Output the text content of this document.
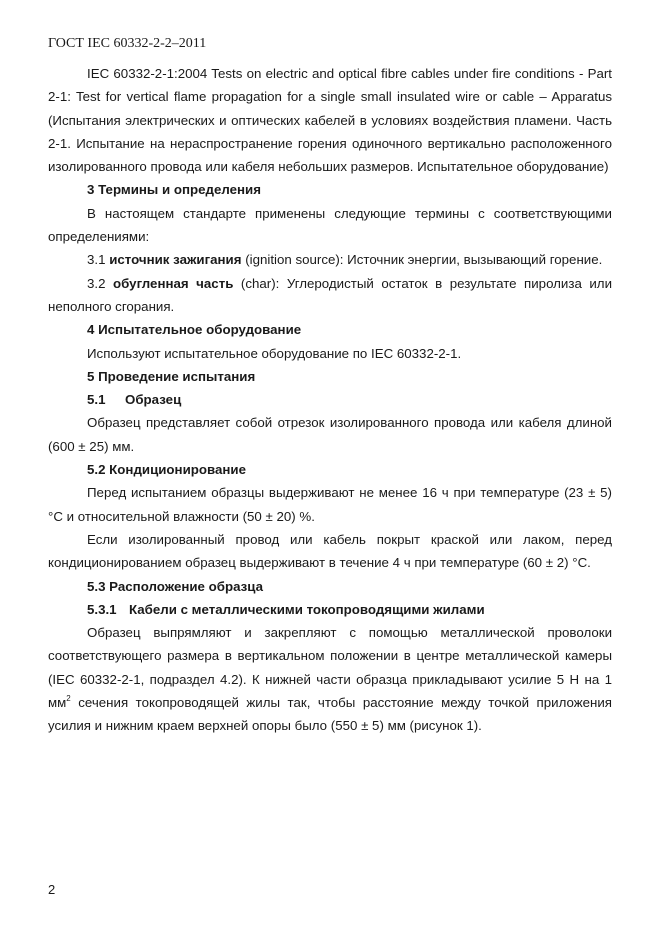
ГОСТ IEC 60332-2-2–2011

IEC 60332-2-1:2004 Tests on electric and optical fibre cables under fire conditions - Part 2-1: Test for vertical flame propagation for a single small insulated wire or cable – Apparatus (Испытания электрических и оптических кабелей в условиях воздействия пламени. Часть 2-1. Испытание на нераспространение горения одиночного вертикально расположенного изолированного провода или кабеля небольших размеров. Испытательное оборудование)

3 Термины и определения

В настоящем стандарте применены следующие термины с соответствующими определениями:

3.1 источник зажигания (ignition source): Источник энергии, вызывающий горение.

3.2 обугленная часть (char): Углеродистый остаток в результате пиролиза или неполного сгорания.

4 Испытательное оборудование

Используют испытательное оборудование по IEC 60332-2-1.

5 Проведение испытания

5.1 Образец

Образец представляет собой отрезок изолированного провода или кабеля длиной (600 ± 25) мм.

5.2 Кондиционирование

Перед испытанием образцы выдерживают не менее 16 ч при температуре (23 ± 5) °С и относительной влажности (50 ± 20) %.

Если изолированный провод или кабель покрыт краской или лаком, перед кондиционированием образец выдерживают в течение 4 ч при температуре (60 ± 2) °С.

5.3 Расположение образца

5.3.1 Кабели с металлическими токопроводящими жилами

Образец выпрямляют и закрепляют с помощью металлической проволоки соответствующего размера в вертикальном положении в центре металлической камеры (IEC 60332-2-1, подраздел 4.2). К нижней части образца прикладывают усилие 5 Н на 1 $мм^2$ сечения токопроводящей жилы так, чтобы расстояние между точкой приложения усилия и нижним краем верхней опоры было (550 ± 5) мм (рисунок 1).

2
